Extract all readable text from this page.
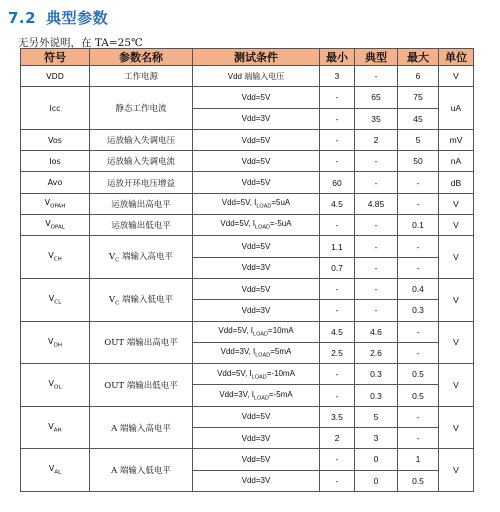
7.2 典型参数
无另外说明，在 TA=25℃
符号	参数名称	测试条件	最小	典型	最大	单位
VDD	工作电源	Vdd 端输入电压	3	-	6	V
Icc	静态工作电流	Vdd=5V	-	65	75	uA
		Vdd=3V	-	35	45	
Vos	运放输入失调电压	Vdd=5V	-	2	5	mV
Ios	运放输入失调电流	Vdd=5V	-	-	50	nA
Avo	运放开环电压增益	Vdd=5V	60	-	-	dB
$V_{OPAH}$	运放输出高电平	Vdd=5V, $I_{LOAD}=5uA$	4.5	4.85	-	V
$V_{OPAL}$	运放输出低电平	Vdd=5V, $I_{LOAD}=-5uA$	-	-	0.1	V
$V_{CH}$	$V_C$ 端输入高电平	Vdd=5V	1.1	-	-	V
		Vdd=3V	0.7	-	-	
$V_{CL}$	$V_C$ 端输入低电平	Vdd=5V	-	-	0.4	V
		Vdd=3V	-	-	0.3	
$V_{OH}$	OUT 端输出高电平	Vdd=5V, $I_{LOAD}=10mA$	4.5	4.6	-	V
		Vdd=3V, $I_{LOAD}=5mA$	2.5	2.6	-	
$V_{OL}$	OUT 端输出低电平	Vdd=5V, $I_{LOAD}=-10mA$	-	0.3	0.5	V
		Vdd=3V, $I_{LOAD}=-5mA$	-	0.3	0.5	
$V_{AH}$	A 端输入高电平	Vdd=5V	3.5	5	-	V
		Vdd=3V	2	3	-	
$V_{AL}$	A 端输入低电平	Vdd=5V	-	0	1	V
		Vdd=3V	-	0	0.5	
